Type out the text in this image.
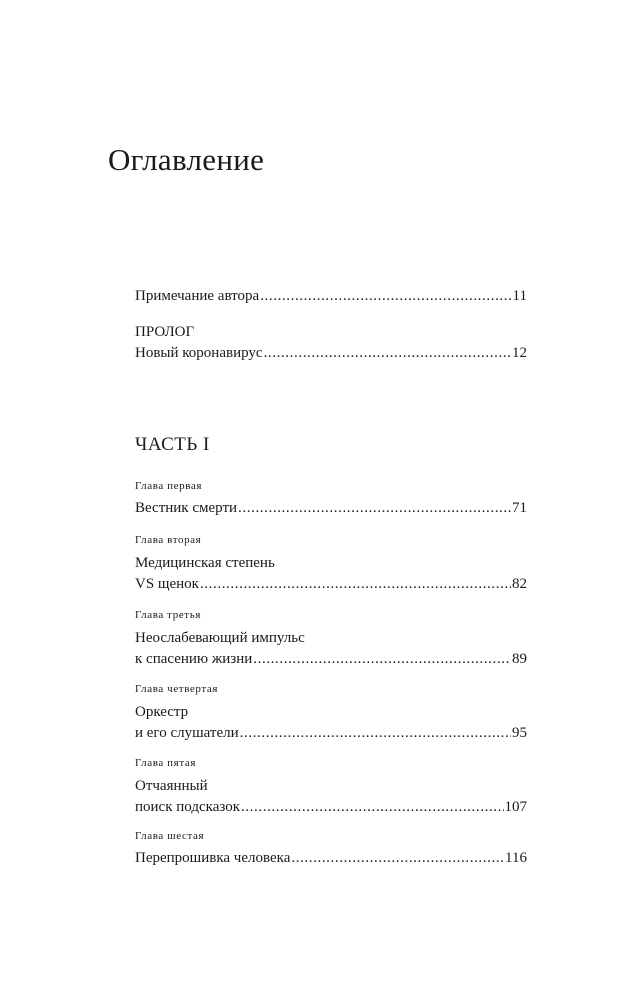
Оглавление
Примечание автора .....	11
ПРОЛОГ
Новый коронавирус .....	12
ЧАСТЬ I
Глава первая
Вестник смерти .....	71
Глава вторая
Медицинская степень
VS щенок .....	82
Глава третья
Неослабевающий импульс
к спасению жизни .....	89
Глава четвертая
Оркестр
и его слушатели .....	95
Глава пятая
Отчаянный
поиск подсказок .....	107
Глава шестая
Перепрошивка человека .....	116
